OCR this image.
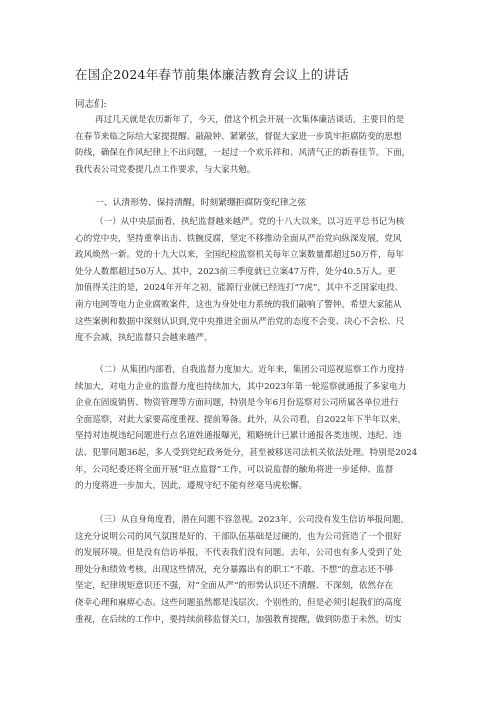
在国企2024年春节前集体廉洁教育会议上的讲话
同志们:
再过几天就是农历新年了，今天，借这个机会开展一次集体廉洁谈话，主要目的是
在春节来临之际给大家提提醒、敲敲钟、紧紧弦，督促大家进一步筑牢拒腐防变的思想
防线，确保在作风纪律上不出问题，一起过一个欢乐祥和、风清气正的新春佳节。下面，
我代表公司党委提几点工作要求，与大家共勉。
一、认清形势、保持清醒，时刻紧绷拒腐防变纪律之弦
（一）从中央层面看，执纪监督越来越严。党的十八大以来，以习近平总书记为核
心的党中央，坚持重拳出击、铁腕反腐，坚定不移推动全面从严治党向纵深发展，党风
政风焕然一新。党的十九大以来，全国纪检监察机关每年立案数量都超过50万件，每年
处分人数都超过50万人。其中，2023前三季度就已立案47万件，处分40.5万人。更
加值得关注的是，2024年开年之初，能源行业就已经连打“7虎”，其中不乏国家电投、
南方电网等电力企业腐败案件，这也为身处电力系统的我们敲响了警钟。希望大家能从
这些案例和数据中深刻认识到,党中央推进全面从严治党的态度不会变、决心不会松、尺
度不会减，执纪监督只会越来越严。
（二）从集团内部看，自我监督力度加大。近年来，集团公司巡视巡察工作力度持
续加大，对电力企业的监督力度也持续加大，其中2023年第一轮巡察就通报了多家电力
企业在固废销售、物资管理等方面问题，特别是今年6月份巡察对公司所属各单位进行
全面巡察，对此大家要高度重视、提前筹备。此外，从公司看，自2022年下半年以来，
坚持对违规违纪问题进行点名道姓通报曝光，粗略统计已累计通报各类违规、违纪、违
法、犯罪问题36起，多人受到党纪政务处分，甚至被移送司法机关依法处理。特别是2024
年，公司纪委还将全面开展“驻点监督”工作，可以说监督的触角将进一步延伸、监督
的力度将进一步加大，因此，遵规守纪不能有丝毫马虎松懈。
（三）从自身角度看，潜在问题不容忽视。2023年，公司没有发生信访举报问题，
这充分说明公司的风气氛围是好的、干部队伍基础是过硬的，也为公司营造了一个很好
的发展环境。但是没有信访举报，不代表我们没有问题。去年，公司也有多人受到了处
理处分和绩效考核，出现这些情况，充分暴露出有的职工“不敢、不想”的意志还不够
坚定，纪律规矩意识还不强，对“全面从严”的形势认识还不清醒、不深刻，依然存在
侥幸心理和麻痹心态。这些问题虽然都是浅层次、个别性的，但是必须引起我们的高度
重视，在后续的工作中，要持续前移监督关口，加强教育提醒，做到防患于未然，切实
